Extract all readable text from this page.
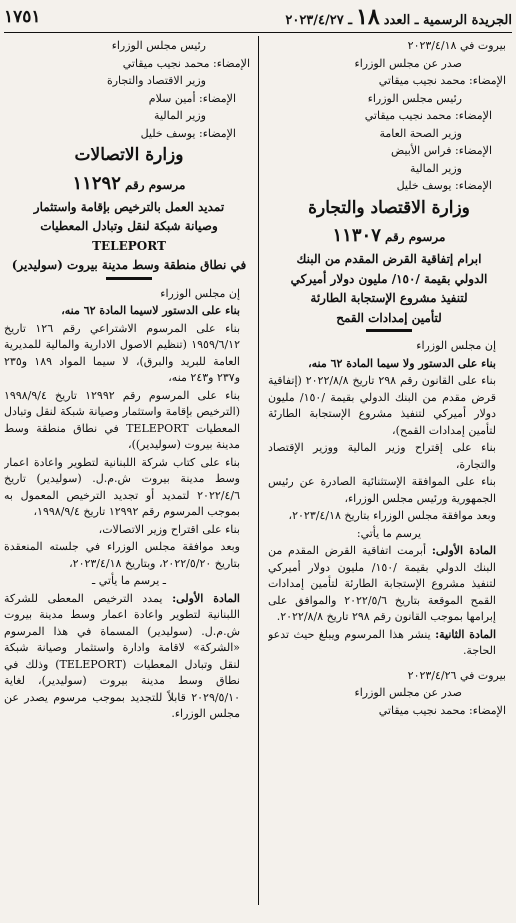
الجريدة الرسمية ـ العدد
١٨
ـ ٢٠٢٣/٤/٢٧
١٧٥١

بيروت في ٢٠٢٣/٤/١٨

صدر عن مجلس الوزراء

الإمضاء: محمد نجيب ميقاتي

رئيس مجلس الوزراء

الإمضاء: محمد نجيب ميقاتي

وزير الصحة العامة

الإمضاء: فراس الأبيض

وزير المالية

الإمضاء: يوسف خليل

وزارة الاقتصاد والتجارة

مرسوم رقم ١١٣٠٧

ابرام إتفاقية القرض المقدم من البنك

الدولي بقيمة /١٥٠/ مليون دولار أميركي

لتنفيذ مشروع الإستجابة الطارئة

لتأمين إمدادات القمح

إن مجلس الوزراء

بناء على الدستور ولا سيما المادة ٦٢ منه،

بناء على القانون رقم ٢٩٨ تاريخ ٢٠٢٢/٨/٨ (إتفاقية قرض مقدم من البنك الدولي بقيمة /١٥٠/ مليون دولار أميركي لتنفيذ مشروع الإستجابة الطارئة لتأمين إمدادات القمح)،

بناء على إقتراح وزير المالية ووزير الإقتصاد والتجارة،

بناء على الموافقة الإستثنائية الصادرة عن رئيس الجمهورية ورئيس مجلس الوزراء،

وبعد موافقة مجلس الوزراء بتاريخ ٢٠٢٣/٤/١٨،

يرسم ما يأتي:

المادة الأولى: أبرمت اتفاقية القرض المقدم من البنك الدولي بقيمة /١٥٠/ مليون دولار أميركي لتنفيذ مشروع الإستجابة الطارئة لتأمين إمدادات القمح الموقعة بتاريخ ٢٠٢٢/٥/٦ والموافق على إبرامها بموجب القانون رقم ٢٩٨ تاريخ ٢٠٢٢/٨/٨.

المادة الثانية: ينشر هذا المرسوم ويبلغ حيث تدعو الحاجة.

بيروت في ٢٠٢٣/٤/٢٦

صدر عن مجلس الوزراء

الإمضاء: محمد نجيب ميقاتي

رئيس مجلس الوزراء

الإمضاء: محمد نجيب ميقاتي

وزير الاقتصاد والتجارة

الإمضاء: أمين سلام

وزير المالية

الإمضاء: يوسف خليل

وزارة الاتصالات

مرسوم رقم ١١٢٩٢

تمديد العمل بالترخيص بإقامة واستثمار

وصيانة شبكة لنقل وتبادل المعطيات

TELEPORT

في نطاق منطقة وسط مدينة بيروت (سوليدير)

إن مجلس الوزراء

بناء على الدستور لاسيما المادة ٦٢ منه،

بناء على المرسوم الاشتراعي رقم ١٢٦ تاريخ ١٩٥٩/٦/١٢ (تنظيم الاصول الادارية والمالية للمديرية العامة للبريد والبرق)، لا سيما المواد ١٨٩ و٢٣٥ و٢٣٧ و٢٤٣ منه،

بناء على المرسوم رقم ١٢٩٩٢ تاريخ ١٩٩٨/٩/٤ (الترخيص بإقامة واستثمار وصيانة شبكة لنقل وتبادل المعطيات TELEPORT في نطاق منطقة وسط مدينة بيروت (سوليدير))،

بناء على كتاب شركة اللبنانية لتطوير واعادة اعمار وسط مدينة بيروت ش.م.ل. (سوليدير) تاريخ ٢٠٢٢/٤/٦ لتمديد أو تجديد الترخيص المعمول به بموجب المرسوم رقم ١٢٩٩٢ تاريخ ١٩٩٨/٩/٤،

بناء على اقتراح وزير الاتصالات،

وبعد موافقة مجلس الوزراء في جلسته المنعقدة بتاريخ ٢٠٢٢/٥/٢٠، وبتاريخ ٢٠٢٣/٤/١٨،

ـ يرسم ما يأتي ـ

المادة الأولى: يمدد الترخيص المعطى للشركة اللبنانية لتطوير واعادة اعمار وسط مدينة بيروت ش.م.ل. (سوليدير) المسماة في هذا المرسوم «الشركة» لاقامة وادارة واستثمار وصيانة شبكة لنقل وتبادل المعطيات (TELEPORT) وذلك في نطاق وسط مدينة بيروت (سوليدير)، لغاية ٢٠٢٩/٥/١٠ قابلاً للتجديد بموجب مرسوم يصدر عن مجلس الوزراء.
